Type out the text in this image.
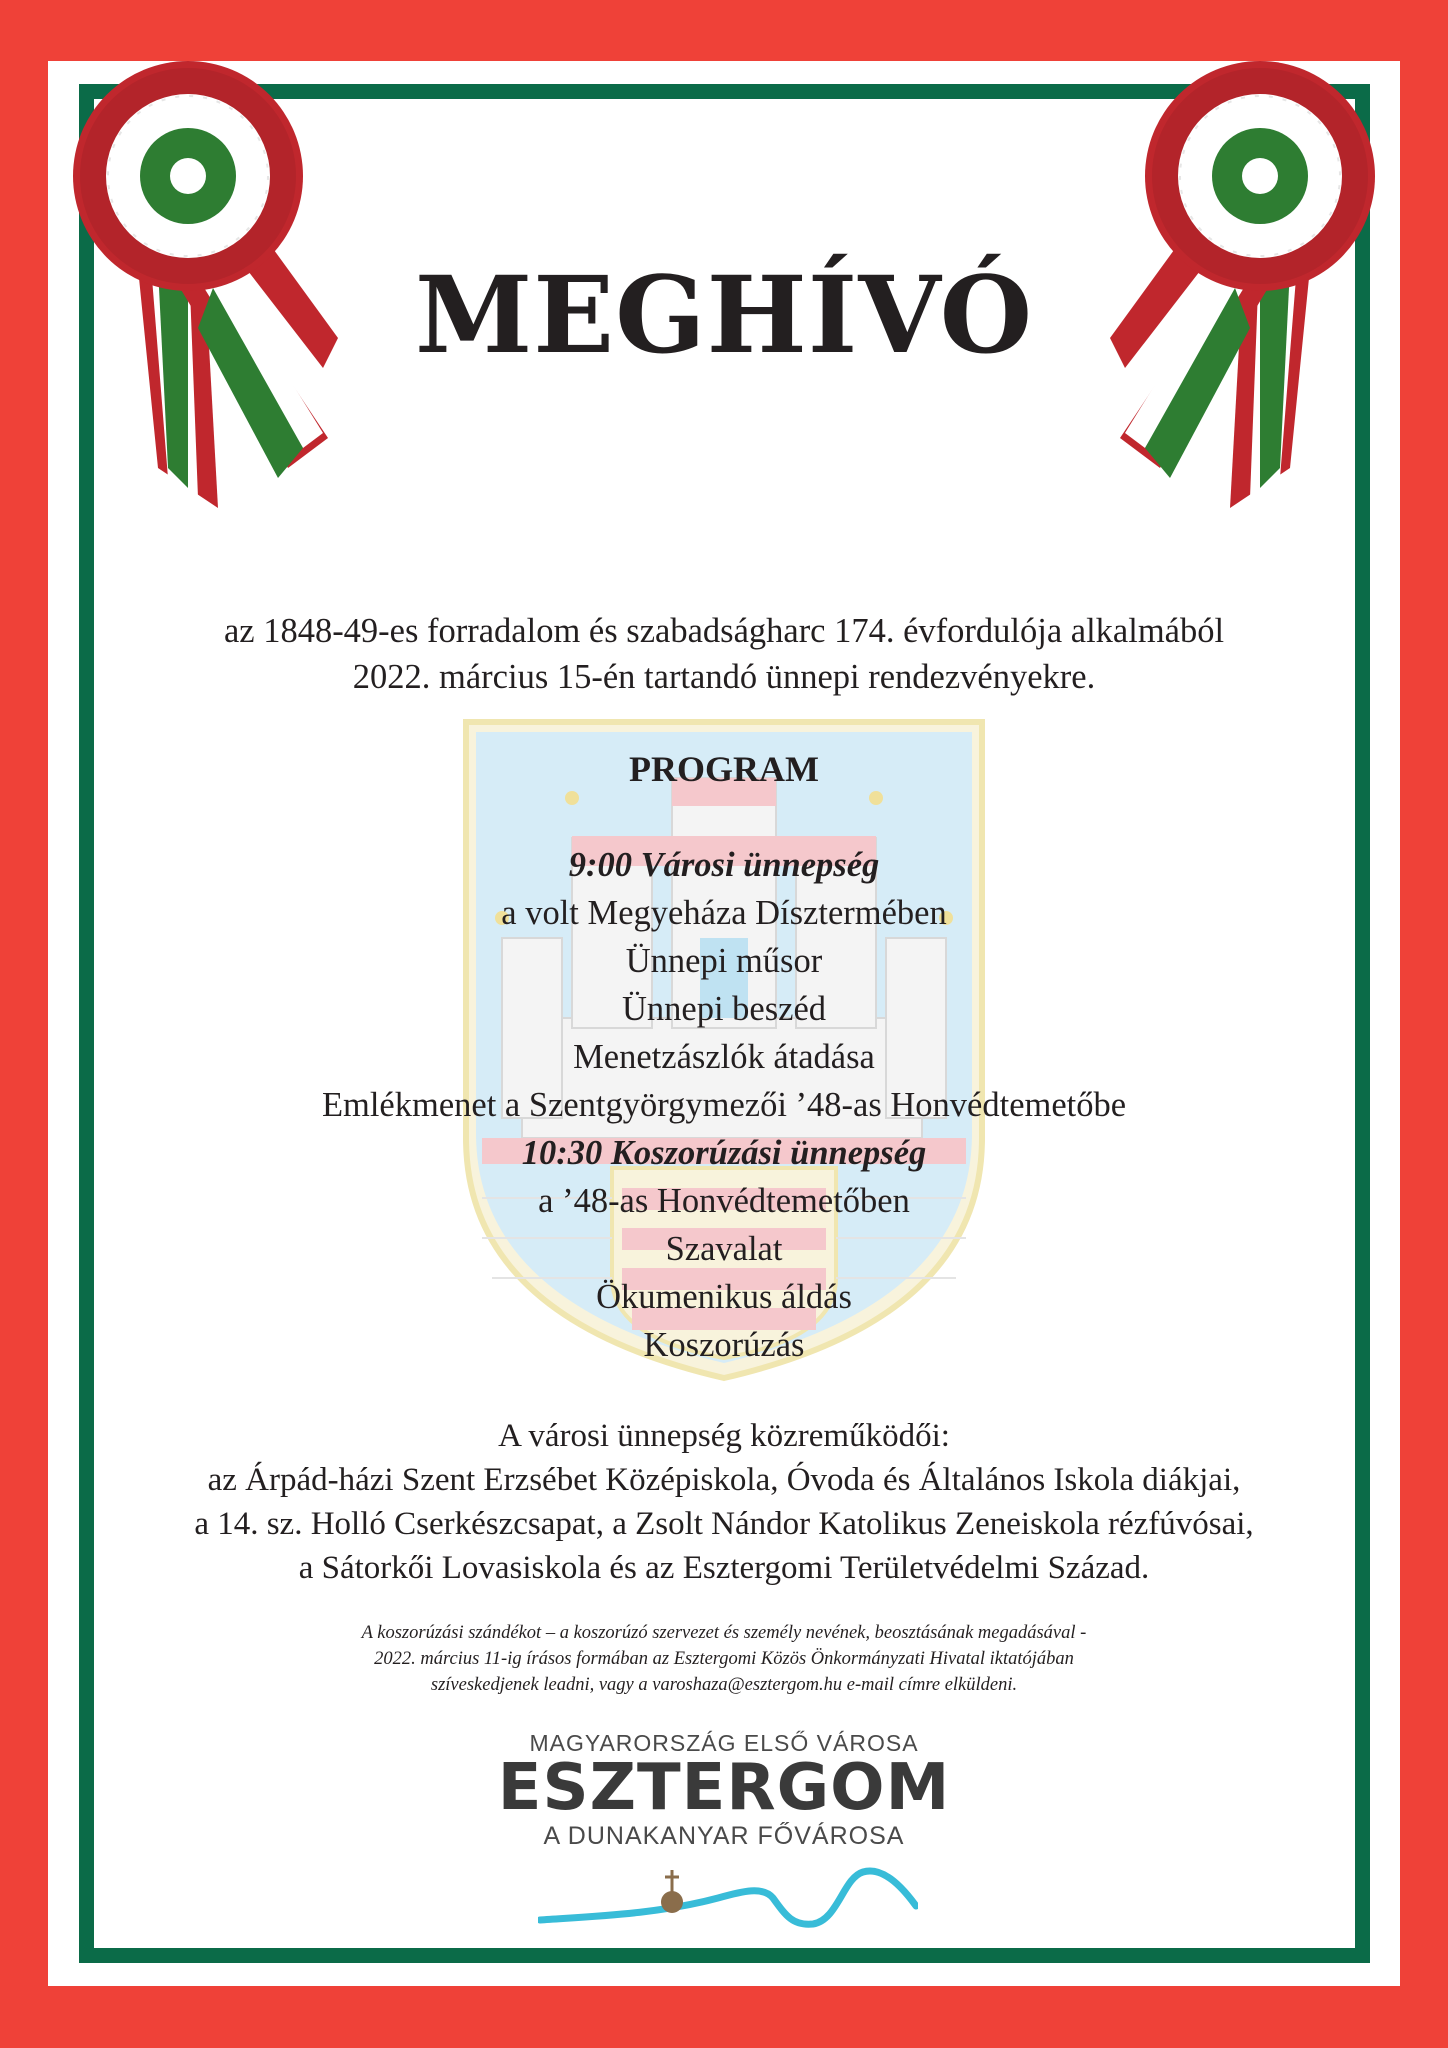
MEGHÍVÓ
az 1848-49-es forradalom és szabadságharc 174. évfordulója alkalmából
2022. március 15-én tartandó ünnepi rendezvényekre.
PROGRAM
9:00 Városi ünnepség
a volt Megyeháza Dísztermében
Ünnepi műsor
Ünnepi beszéd
Menetzászlók átadása
Emlékmenet a Szentgyörgymezői ’48-as Honvédtemetőbe
10:30 Koszorúzási ünnepség
a ’48-as Honvédtemetőben
Szavalat
Ökumenikus áldás
Koszorúzás
A városi ünnepség közreműködői:
az Árpád-házi Szent Erzsébet Középiskola, Óvoda és Általános Iskola diákjai,
a 14. sz. Holló Cserkészcsapat, a Zsolt Nándor Katolikus Zeneiskola rézfúvósai,
a Sátorkői Lovasiskola és az Esztergomi Területvédelmi Század.
A koszorúzási szándékot – a koszorúzó szervezet és személy nevének, beosztásának megadásával -
2022. március 11-ig írásos formában az Esztergomi Közös Önkormányzati Hivatal iktatójában
szíveskedjenek leadni, vagy a varoshaza@esztergom.hu e-mail címre elküldeni.
MAGYARORSZÁG ELSŐ VÁROSA
ESZTERGOM
A DUNAKANYAR FŐVÁROSA
